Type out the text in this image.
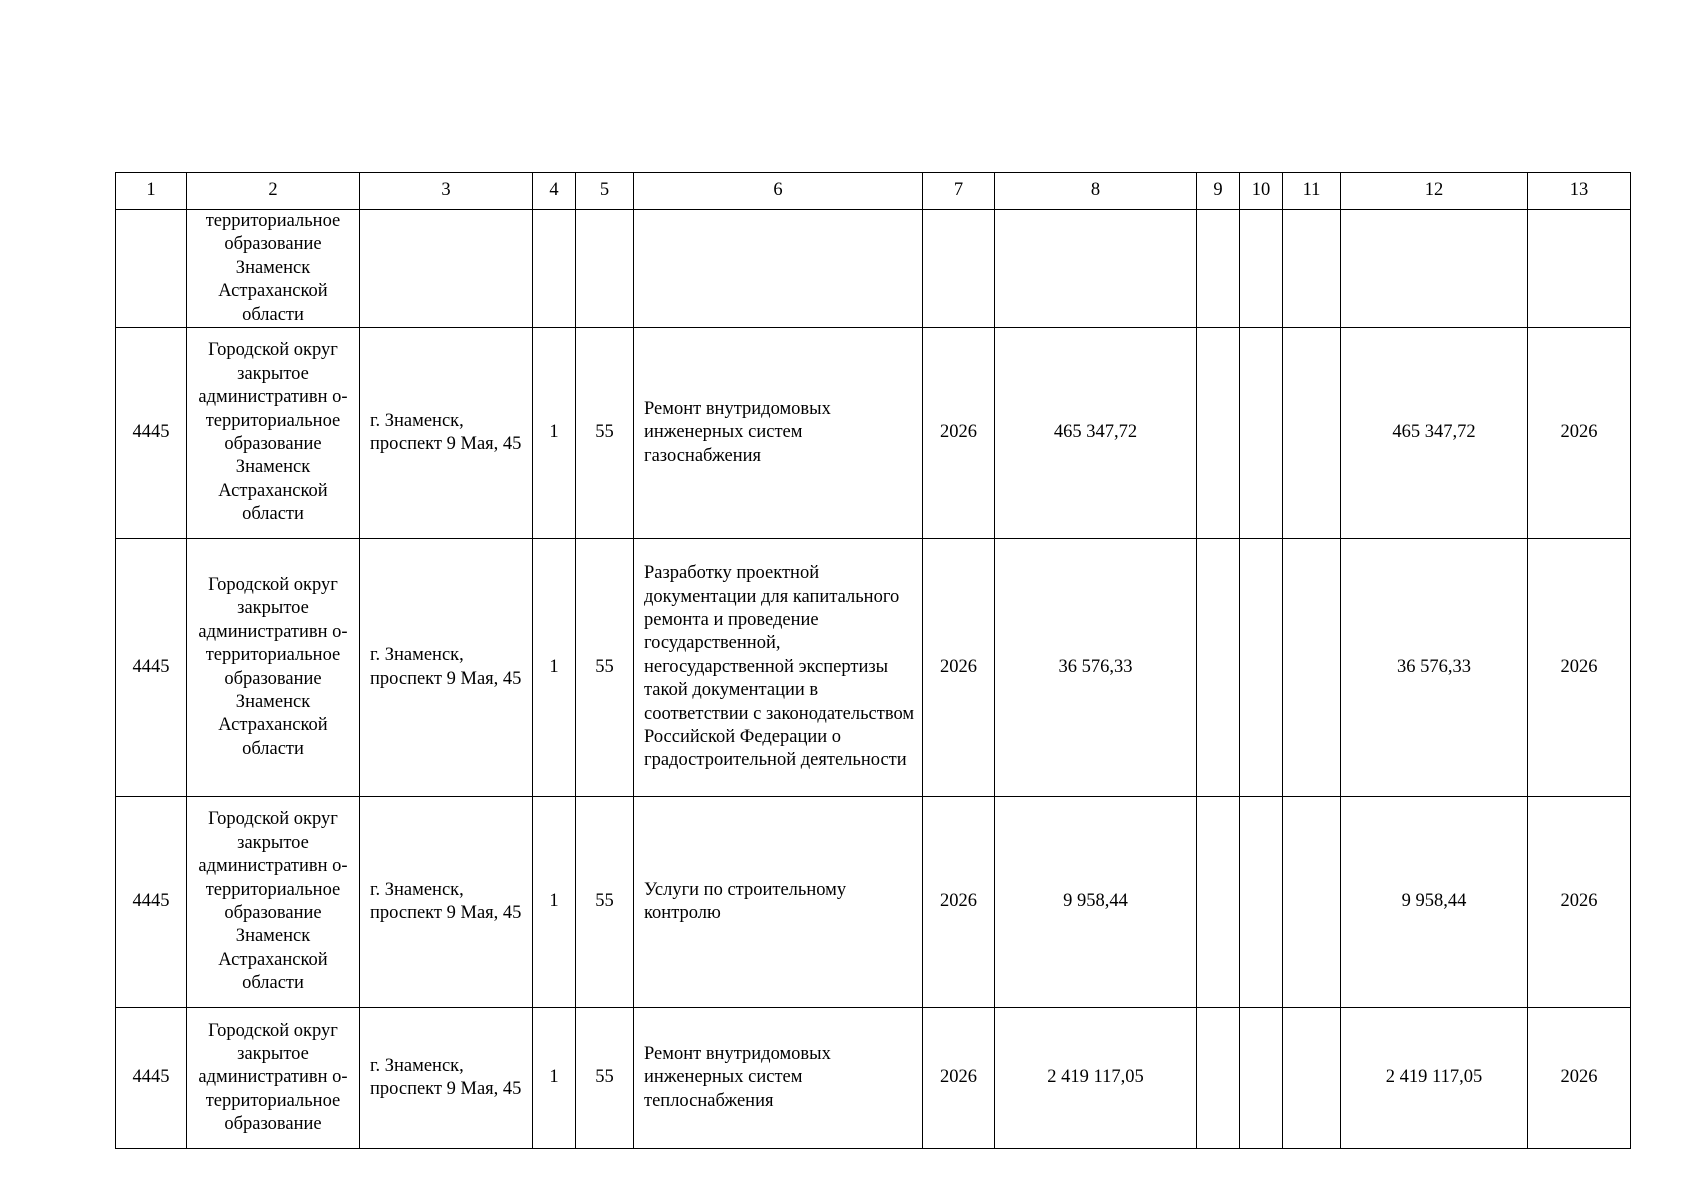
1	2	3	4	5	6	7	8	9	10	11	12	13
	территориальное образование Знаменск Астраханской области											
4445	Городской округ закрытое административн о- территориальное образование Знаменск Астраханской области	г. Знаменск, проспект 9 Мая, 45	1	55	Ремонт внутридомовых инженерных систем газоснабжения	2026	465 347,72				465 347,72	2026
4445	Городской округ закрытое административн о- территориальное образование Знаменск Астраханской области	г. Знаменск, проспект 9 Мая, 45	1	55	Разработку проектной документации для капитального ремонта и проведение государственной, негосударственной экспертизы такой документации в соответствии с законодательством Российской Федерации о градостроительной деятельности	2026	36 576,33				36 576,33	2026
4445	Городской округ закрытое административн о- территориальное образование Знаменск Астраханской области	г. Знаменск, проспект 9 Мая, 45	1	55	Услуги по строительному контролю	2026	9 958,44				9 958,44	2026
4445	Городской округ закрытое административн о- территориальное образование	г. Знаменск, проспект 9 Мая, 45	1	55	Ремонт внутридомовых инженерных систем теплоснабжения	2026	2 419 117,05				2 419 117,05	2026
